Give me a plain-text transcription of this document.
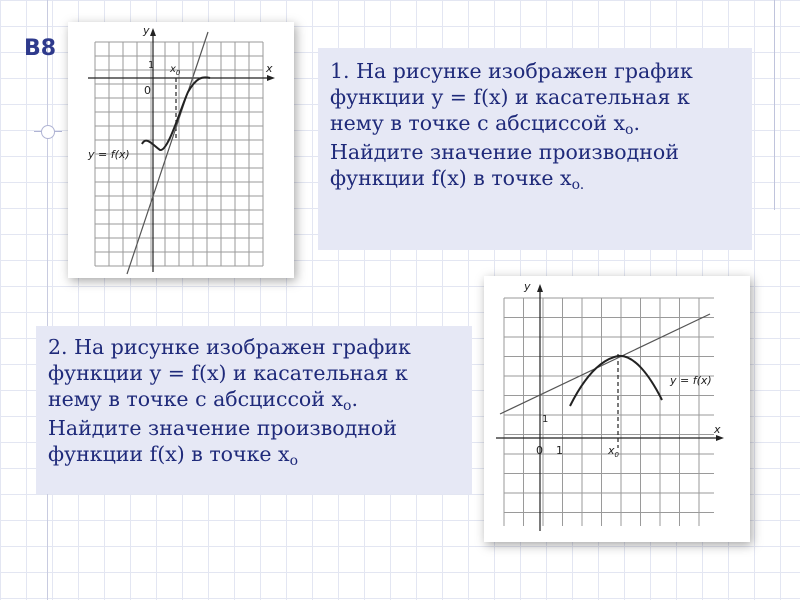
B8
y
x
0
1 $x_0$
y = f(x)
1. На рисунке изображен график
функции y = f(x) и касательная к
нему в точке с абсциссой xo.
Найдите значение производной
функции f(x) в точке xo.
2. На рисунке изображен график
функции y = f(x) и касательная к
нему в точке с абсциссой xo.
Найдите значение производной
функции f(x) в точке xo
y
x
0 1
1
$x_0$
y = f(x)
